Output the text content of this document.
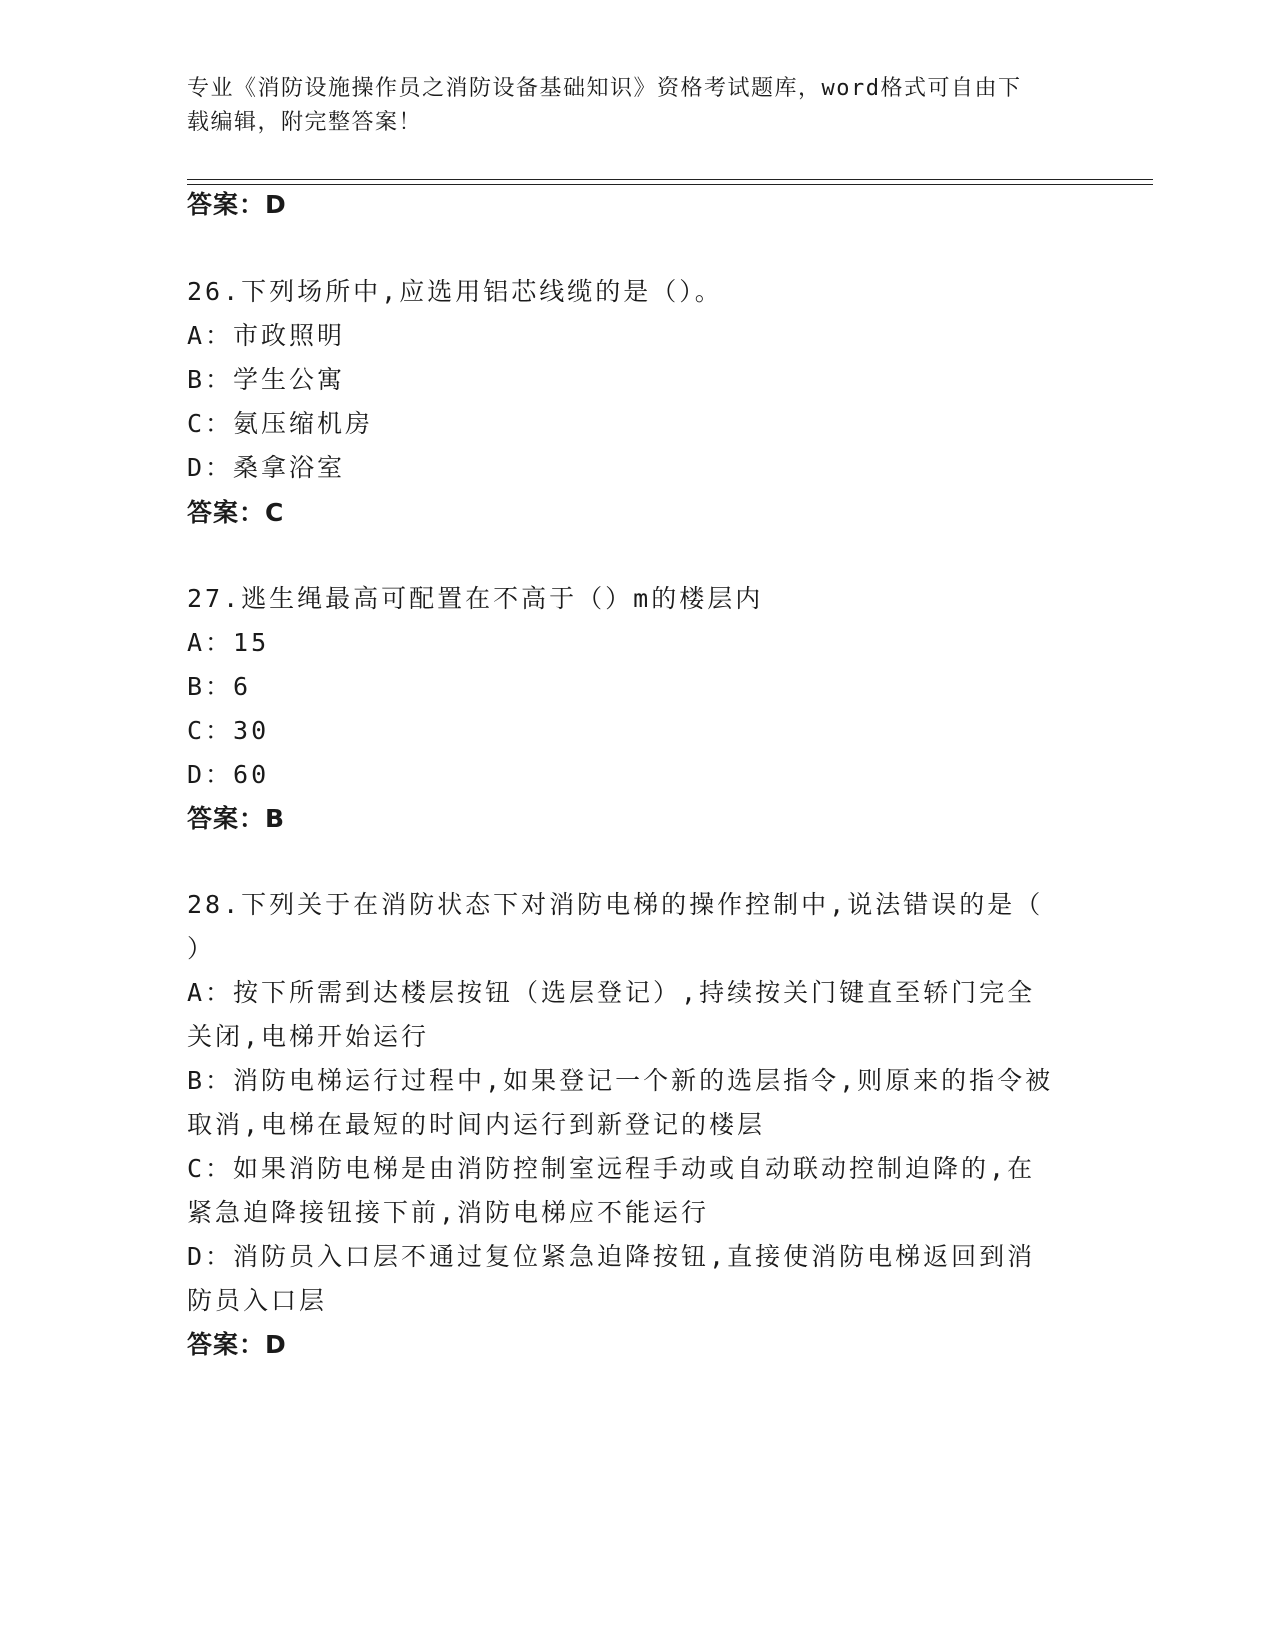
专业《消防设施操作员之消防设备基础知识》资格考试题库，word格式可自由下
载编辑，附完整答案！
答案：D
26.下列场所中,应选用铝芯线缆的是（）。
A：市政照明
B：学生公寓
C：氨压缩机房
D：桑拿浴室
答案：C
27.逃生绳最高可配置在不高于（）m的楼层内
A：15
B：6
C：30
D：60
答案：B
28.下列关于在消防状态下对消防电梯的操作控制中,说法错误的是（
）
A：按下所需到达楼层按钮（选层登记）,持续按关门键直至轿门完全
关闭,电梯开始运行
B：消防电梯运行过程中,如果登记一个新的选层指令,则原来的指令被
取消,电梯在最短的时间内运行到新登记的楼层
C：如果消防电梯是由消防控制室远程手动或自动联动控制迫降的,在
紧急迫降接钮接下前,消防电梯应不能运行
D：消防员入口层不通过复位紧急迫降按钮,直接使消防电梯返回到消
防员入口层
答案：D
